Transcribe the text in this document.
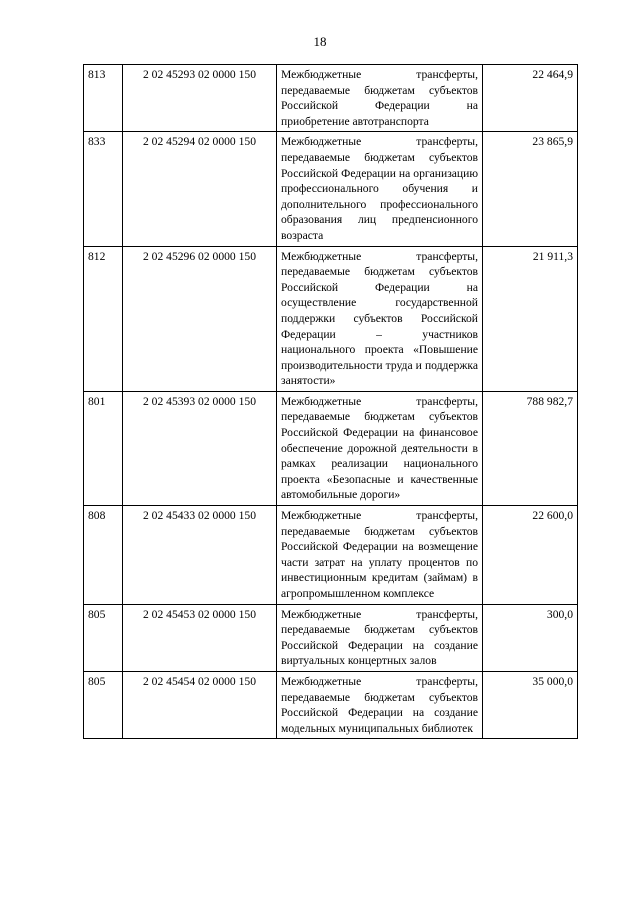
18
813	2 02 45293 02 0000 150	Межбюджетные трансферты, передаваемые бюджетам субъектов Российской Федерации на приобретение автотранспорта	22 464,9
833	2 02 45294 02 0000 150	Межбюджетные трансферты, передаваемые бюджетам субъектов Российской Федерации на организацию профессионального обучения и дополнительного профессионального образования лиц предпенсионного возраста	23 865,9
812	2 02 45296 02 0000 150	Межбюджетные трансферты, передаваемые бюджетам субъектов Российской Федерации на осуществление государственной поддержки субъектов Российской Федерации – участников национального проекта «Повышение производительности труда и поддержка занятости»	21 911,3
801	2 02 45393 02 0000 150	Межбюджетные трансферты, передаваемые бюджетам субъектов Российской Федерации на финансовое обеспечение дорожной деятельности в рамках реализации национального проекта «Безопасные и качественные автомобильные дороги»	788 982,7
808	2 02 45433 02 0000 150	Межбюджетные трансферты, передаваемые бюджетам субъектов Российской Федерации на возмещение части затрат на уплату процентов по инвестиционным кредитам (займам) в агропромышленном комплексе	22 600,0
805	2 02 45453 02 0000 150	Межбюджетные трансферты, передаваемые бюджетам субъектов Российской Федерации на создание виртуальных концертных залов	300,0
805	2 02 45454 02 0000 150	Межбюджетные трансферты, передаваемые бюджетам субъектов Российской Федерации на создание модельных муниципальных библиотек	35 000,0
